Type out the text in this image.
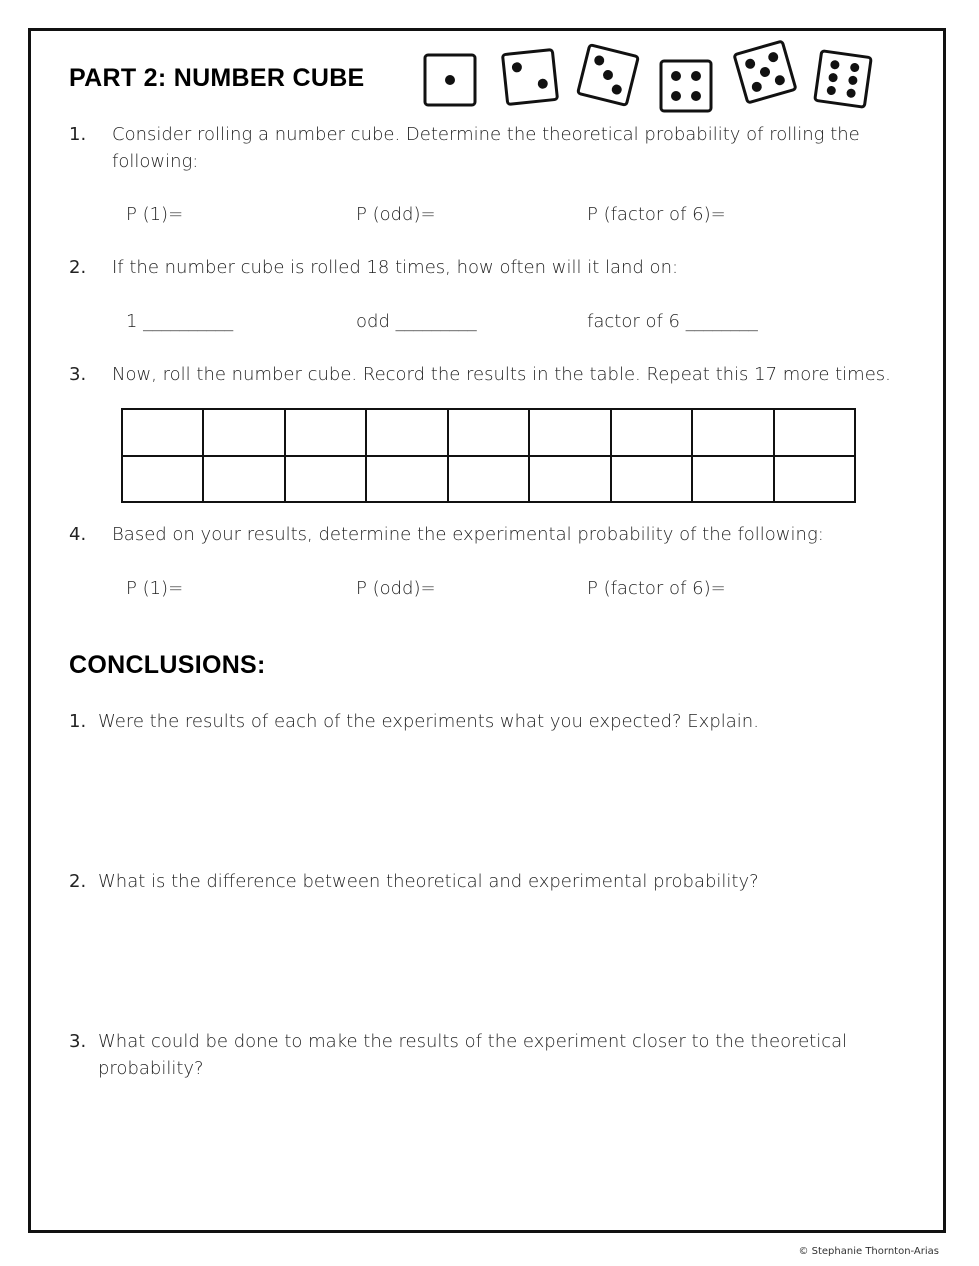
PART 2: NUMBER CUBE
1. Consider rolling a number cube. Determine the theoretical probability of rolling the
following:
P (1)=	P (odd)=	P (factor of 6)=
2. If the number cube is rolled 18 times, how often will it land on:
1 __________	odd _________	factor of 6 ________
3. Now, roll the number cube. Record the results in the table. Repeat this 17 more times.

4. Based on your results, determine the experimental probability of the following:
P (1)=	P (odd)=	P (factor of 6)=
CONCLUSIONS:
1. Were the results of each of the experiments what you expected? Explain.
2. What is the difference between theoretical and experimental probability?
3. What could be done to make the results of the experiment closer to the theoretical
probability?
© Stephanie Thornton-Arias
